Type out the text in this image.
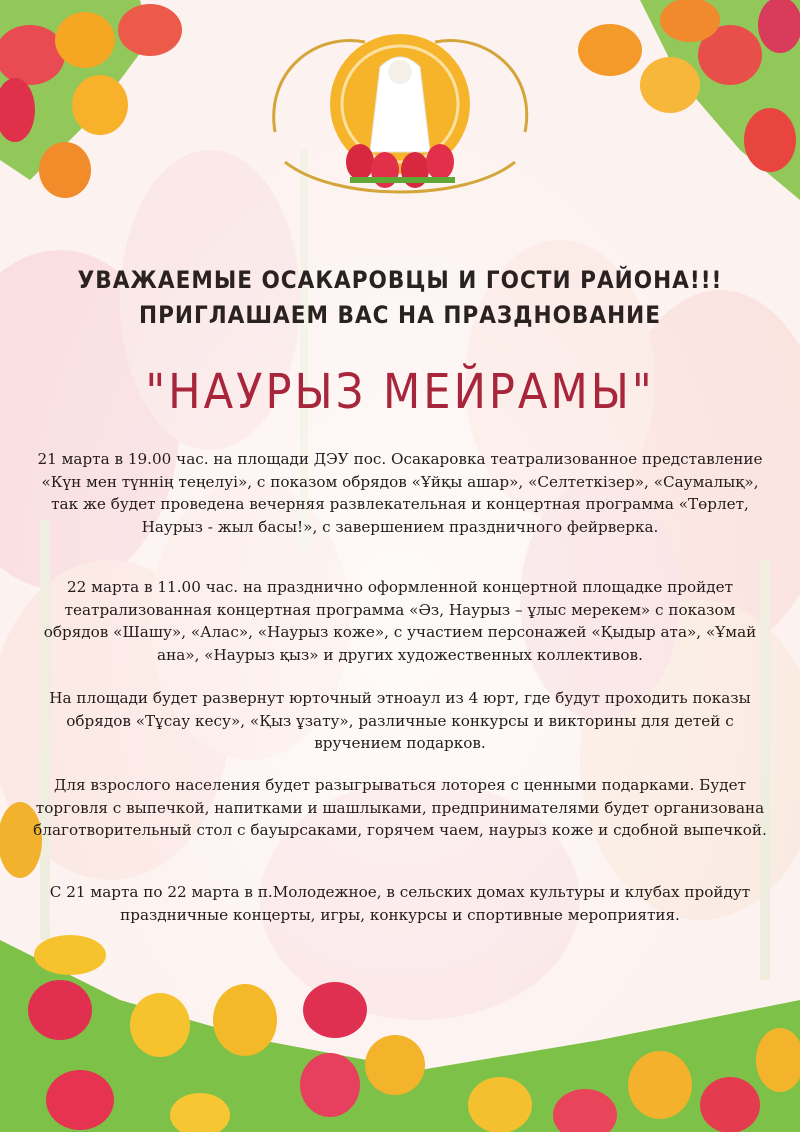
УВАЖАЕМЫЕ ОСАКАРОВЦЫ И ГОСТИ РАЙОНА!!!
ПРИГЛАШАЕМ ВАС НА ПРАЗДНОВАНИЕ
"НАУРЫЗ МЕЙРАМЫ"
21 марта в 19.00 час. на площади ДЭУ пос. Осакаровка театрализованное представление «Күн мен түннің теңелуі», с показом обрядов «Ұйқы ашар», «Селтеткізер», «Саумалық», так же будет проведена вечерняя развлекательная и концертная программа «Төрлет, Наурыз - жыл басы!», с завершением праздничного фейрверка.
22 марта в 11.00 час. на празднично оформленной концертной площадке пройдет театрализованная концертная программа «Әз, Наурыз – ұлыс мерекем» с показом обрядов «Шашу», «Алас», «Наурыз коже», с участием персонажей «Қыдыр ата», «Ұмай ана», «Наурыз қыз» и других художественных коллективов.
На площади будет развернут юрточный этноаул из 4 юрт, где будут проходить показы обрядов «Тұсау кесу», «Қыз ұзату», различные конкурсы и викторины для детей с вручением подарков.
Для взрослого населения будет разыгрываться лоторея с ценными подарками. Будет торговля с выпечкой, напитками и шашлыками, предпринимателями будет организована благотворительный стол с бауырсаками, горячем чаем, наурыз коже и сдобной выпечкой.
С 21 марта по 22 марта в п.Молодежное, в сельских домах культуры и клубах пройдут праздничные концерты, игры, конкурсы и спортивные мероприятия.
